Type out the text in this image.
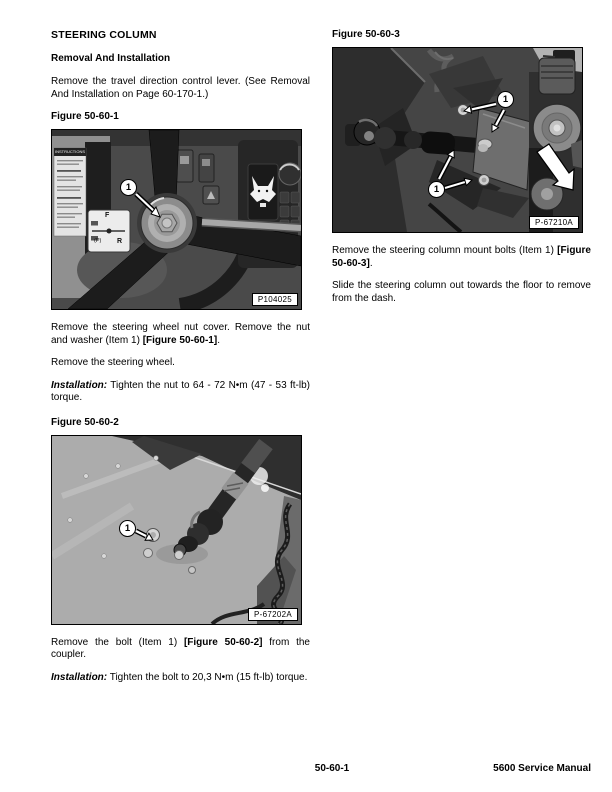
STEERING COLUMN
Removal And Installation

Remove the travel direction control lever. (See Removal And Installation on Page 60-170-1.)

Figure 50-60-1
INSTRUCTIONS
F
R
(P)
1
P104025

Remove the steering wheel nut cover. Remove the nut and washer (Item 1) [Figure 50-60-1].

Remove the steering wheel.

Installation: Tighten the nut to 64 - 72 N•m (47 - 53 ft-lb) torque.

Figure 50-60-2
1
P-67202A

Remove the bolt (Item 1) [Figure 50-60-2] from the coupler.

Installation: Tighten the bolt to 20,3 N•m (15 ft-lb) torque.

Figure 50-60-3
1
1
P-67210A

Remove the steering column mount bolts (Item 1) [Figure 50-60-3].

Slide the steering column out towards the floor to remove from the dash.

50-60-1	5600 Service Manual
